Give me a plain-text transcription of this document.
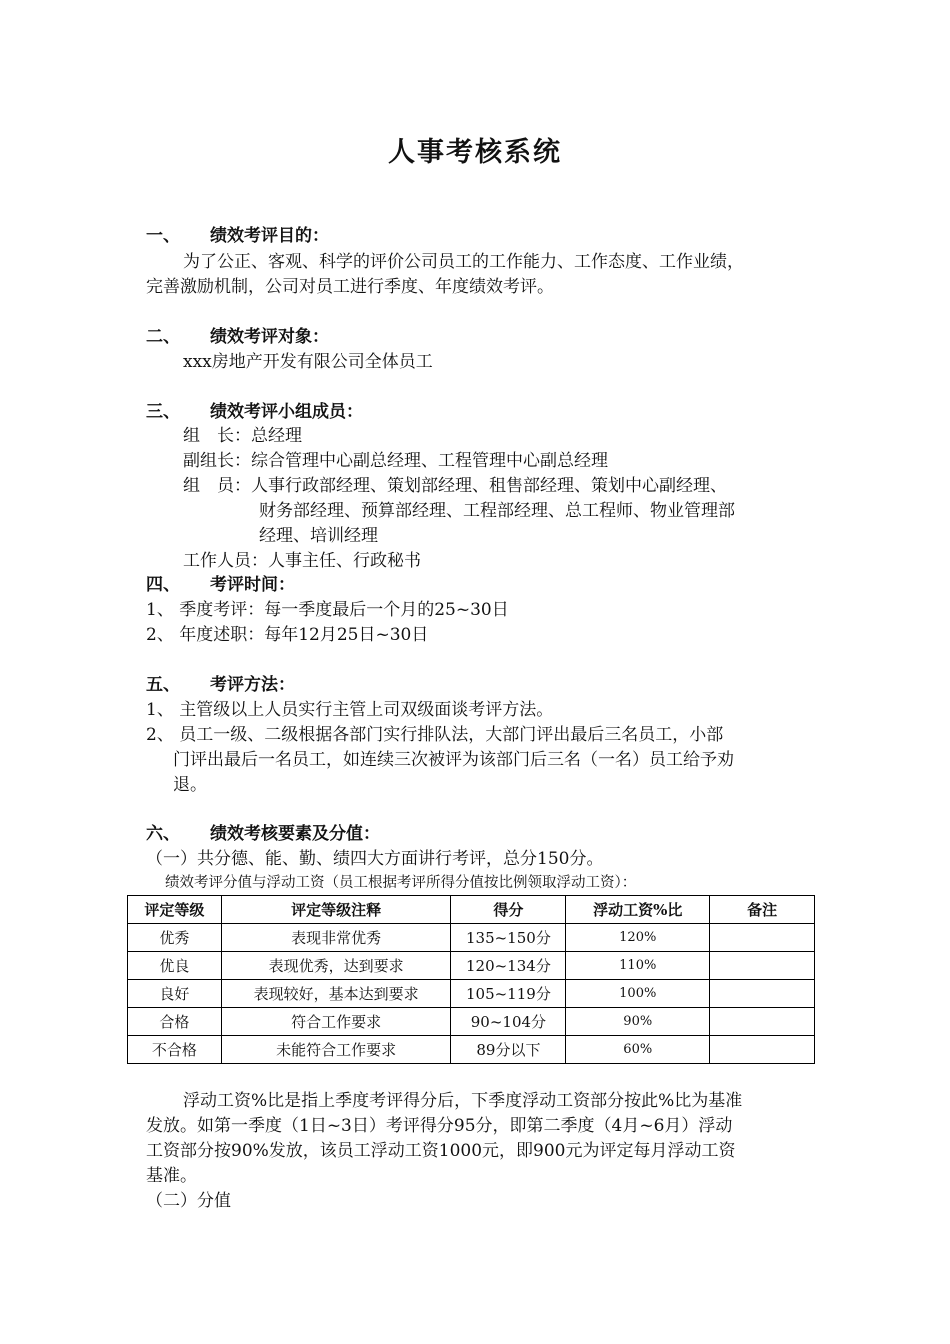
人事考核系统
一、 绩效考评目的：
为了公正、客观、科学的评价公司员工的工作能力、工作态度、工作业绩，
完善激励机制，公司对员工进行季度、年度绩效考评。
二、 绩效考评对象：
xxx房地产开发有限公司全体员工
三、 绩效考评小组成员：
组　长：总经理
副组长：综合管理中心副总经理、工程管理中心副总经理
组　员：人事行政部经理、策划部经理、租售部经理、策划中心副经理、
财务部经理、预算部经理、工程部经理、总工程师、物业管理部
经理、培训经理
工作人员：人事主任、行政秘书
四、 考评时间：
1、 季度考评：每一季度最后一个月的25~30日
2、 年度述职：每年12月25日~30日
五、 考评方法：
1、 主管级以上人员实行主管上司双级面谈考评方法。
2、 员工一级、二级根据各部门实行排队法，大部门评出最后三名员工，小部
门评出最后一名员工，如连续三次被评为该部门后三名（一名）员工给予劝
退。
六、 绩效考核要素及分值：
（一）共分德、能、勤、绩四大方面讲行考评，总分150分。
绩效考评分值与浮动工资（员工根据考评所得分值按比例领取浮动工资）：
评定等级	评定等级注释	得分	浮动工资%比	备注
优秀	表现非常优秀	135~150分	120%	
优良	表现优秀，达到要求	120~134分	110%	
良好	表现较好，基本达到要求	105~119分	100%	
合格	符合工作要求	90~104分	90%	
不合格	未能符合工作要求	89分以下	60%	
浮动工资%比是指上季度考评得分后，下季度浮动工资部分按此%比为基准
发放。如第一季度（1日~3日）考评得分95分，即第二季度（4月~6月）浮动
工资部分按90%发放，该员工浮动工资1000元，即900元为评定每月浮动工资
基准。
（二）分值
